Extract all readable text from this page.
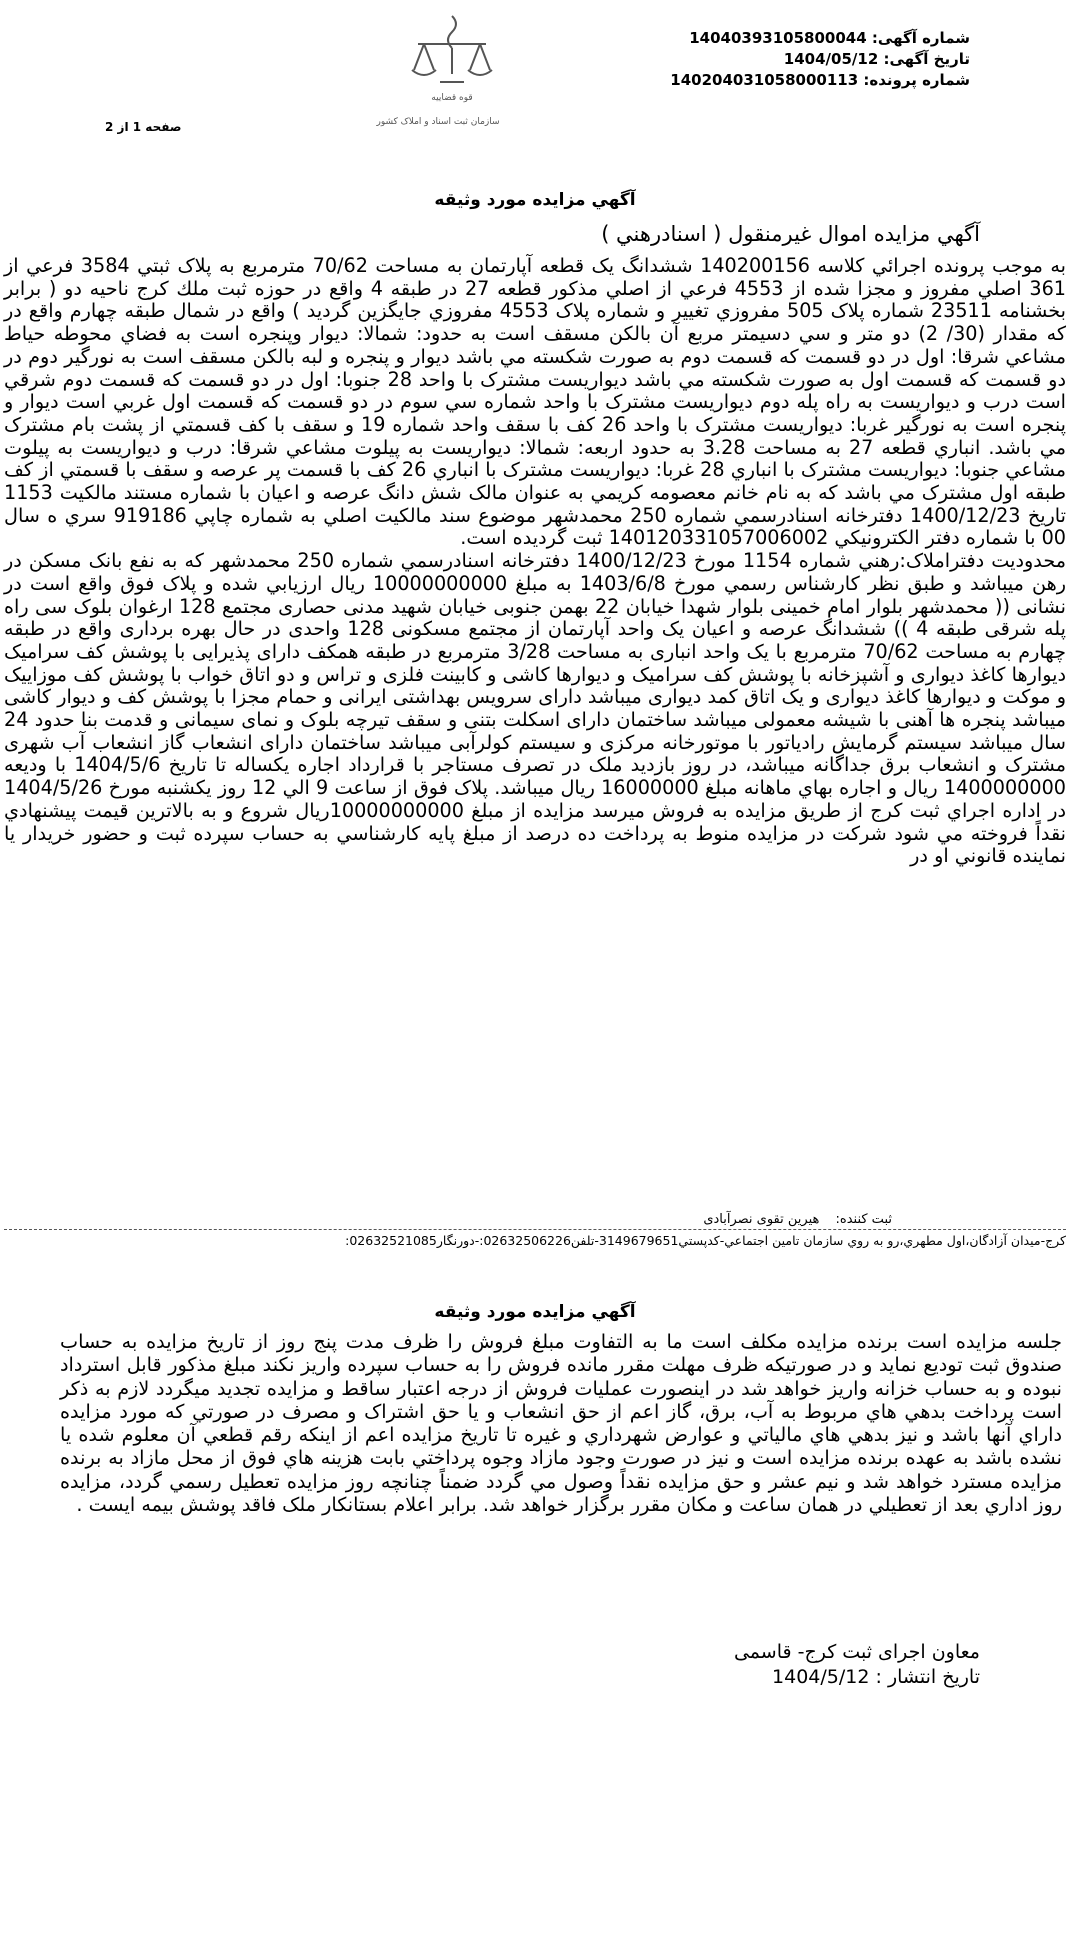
شماره آگهی: 14040393105800044
تاریخ آگهی: 1404/05/12
شماره پرونده: 140204031058000113
قوه قضاییه
سازمان ثبت اسناد و املاک کشور
صفحه 1 از 2
آگهي مزايده مورد وثيقه
آگهي مزايده اموال غيرمنقول ( اسنادرهني )

به موجب پرونده اجرائي كلاسه 140200156 ششدانگ يک قطعه آپارتمان به مساحت 70/62 مترمربع به پلاک ثبتي 3584 فرعي از 361 اصلي مفروز و مجزا شده از 4553 فرعي از اصلي مذكور قطعه 27 در طبقه 4 واقع در حوزه ثبت ملك كرج ناحيه دو ( برابر بخشنامه 23511 شماره پلاک 505 مفروزي تغيير و شماره پلاک 4553 مفروزي جايگزين گرديد ) واقع در شمال طبقه چهارم واقع در كه مقدار (30/ 2) دو متر و سي دسيمتر مربع آن بالكن مسقف است به حدود: شمالا: ديوار وپنجره است به فضاي محوطه حياط مشاعي شرقا: اول در دو قسمت كه قسمت دوم به صورت شكسته مي باشد ديوار و پنجره و لبه بالكن مسقف است به نورگير دوم در دو قسمت كه قسمت اول به صورت شكسته مي باشد ديواريست مشترک با واحد 28 جنوبا: اول در دو قسمت كه قسمت دوم شرقي است درب و ديواريست به راه پله دوم ديواريست مشترک با واحد شماره سي سوم در دو قسمت كه قسمت اول غربي است ديوار و پنجره است به نورگير غربا: ديواريست مشترک با واحد 26 كف با سقف واحد شماره 19 و سقف با كف قسمتي از پشت بام مشترک مي باشد. انباري قطعه 27 به مساحت 3.28 به حدود اربعه: شمالا: ديواريست به پيلوت مشاعي شرقا: درب و ديواريست به پيلوت مشاعي جنوبا: ديواريست مشترک با انباري 28 غربا: ديواريست مشترک با انباري 26 كف با قسمت پر عرصه و سقف با قسمتي از كف طبقه اول مشترک مي باشد كه به نام خانم معصومه كريمي به عنوان مالک شش دانگ عرصه و اعيان با شماره مستند مالكيت 1153 تاريخ 1400/12/23 دفترخانه اسنادرسمي شماره 250 محمدشهر موضوع سند مالكيت اصلي به شماره چاپي 919186 سري ه سال 00 با شماره دفتر الكترونيكي 140120331057006002 ثبت گرديده است.

محدوديت دفتراملاک:رهني شماره 1154 مورخ 1400/12/23 دفترخانه اسنادرسمي شماره 250 محمدشهر كه به نفع بانک مسكن در رهن ميباشد و طبق نظر كارشناس رسمي مورخ 1403/6/8 به مبلغ 10000000000 ريال ارزيابي شده و پلاک فوق واقع است در نشانی (( محمدشهر بلوار امام خمینی بلوار شهدا خیابان 22 بهمن جنوبی خیابان شهید مدنی حصاری مجتمع 128 ارغوان بلوک سی راه پله شرقی طبقه 4 )) ششدانگ عرصه و اعیان یک واحد آپارتمان از مجتمع مسکونی 128 واحدی در حال بهره برداری واقع در طبقه چهارم به مساحت 70/62 مترمربع با یک واحد انباری به مساحت 3/28 مترمربع در طبقه همکف دارای پذیرایی با پوشش کف سرامیک دیوارها کاغذ دیواری و آشپزخانه با پوشش کف سرامیک و دیوارها کاشی و کابینت فلزی و تراس و دو اتاق خواب با پوشش کف موزاییک و موکت و دیوارها کاغذ دیواری و یک اتاق کمد دیواری میباشد دارای سرویس بهداشتی ایرانی و حمام مجزا با پوشش کف و دیوار کاشی میباشد پنجره ها آهنی با شیشه معمولی میباشد ساختمان دارای اسکلت بتنی و سقف تیرچه بلوک و نمای سیمانی و قدمت بنا حدود 24 سال میباشد سیستم گرمایش رادیاتور با موتورخانه مرکزی و سیستم کولرآبی میباشد ساختمان دارای انشعاب گاز انشعاب آب شهری مشترک و انشعاب برق جداگانه میباشد، در روز بازدید ملک در تصرف مستاجر با قرارداد اجاره يكساله تا تاريخ 1404/5/6 با وديعه 1400000000 ريال و اجاره بهاي ماهانه مبلغ 16000000 ريال ميباشد. پلاک فوق از ساعت 9 الي 12 روز يكشنبه مورخ 1404/5/26 در اداره اجراي ثبت كرج از طريق مزايده به فروش ميرسد مزايده از مبلغ 10000000000ريال شروع و به بالاترين قيمت پيشنهادي نقداً فروخته مي شود شركت در مزايده منوط به پرداخت ده درصد از مبلغ پايه كارشناسي به حساب سپرده ثبت و حضور خريدار يا نماينده قانوني او در

ثبت کننده: هیرین تقوی نصرآبادی
كرج-ميدان آزادگان،اول مطهري،رو به روي سازمان تامين اجتماعي-كدپستي3149679651-تلفن02632506226:-دورنگار02632521085:
آگهي مزايده مورد وثيقه
جلسه مزايده است برنده مزايده مكلف است ما به التفاوت مبلغ فروش را ظرف مدت پنج روز از تاريخ مزايده به حساب صندوق ثبت توديع نمايد و در صورتيكه ظرف مهلت مقرر مانده فروش را به حساب سپرده واريز نكند مبلغ مذكور قابل استرداد نبوده و به حساب خزانه واريز خواهد شد در اينصورت عمليات فروش از درجه اعتبار ساقط و مزايده تجديد ميگردد لازم به ذكر است پرداخت بدهي هاي مربوط به آب، برق، گاز اعم از حق انشعاب و يا حق اشتراک و مصرف در صورتي كه مورد مزايده داراي آنها باشد و نيز بدهي هاي مالياتي و عوارض شهرداري و غيره تا تاريخ مزايده اعم از اينكه رقم قطعي آن معلوم شده يا نشده باشد به عهده برنده مزايده است و نيز در صورت وجود مازاد وجوه پرداختي بابت هزينه هاي فوق از محل مازاد به برنده مزايده مسترد خواهد شد و نيم عشر و حق مزايده نقداً وصول مي گردد ضمناً چنانچه روز مزايده تعطيل رسمي گردد، مزايده روز اداري بعد از تعطيلي در همان ساعت و مكان مقرر برگزار خواهد شد. برابر اعلام بستانكار ملک فاقد پوشش بيمه ايست .
معاون اجرای ثبت کرج- قاسمی
تاریخ انتشار : 1404/5/12
